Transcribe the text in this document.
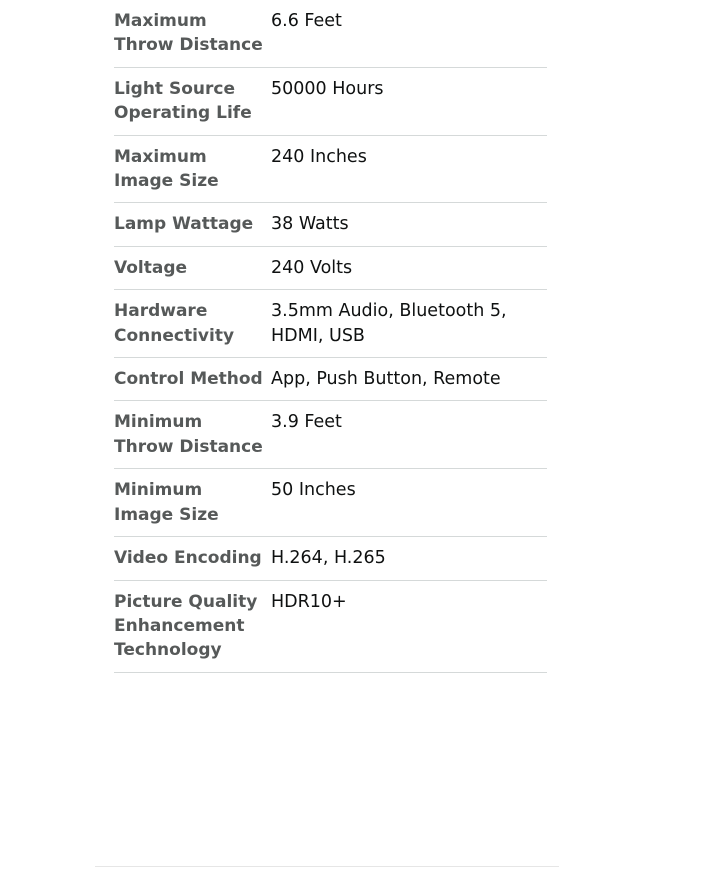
Maximum Throw Distance
6.6 Feet
Light Source Operating Life
50000 Hours
Maximum Image Size
240 Inches
Lamp Wattage	38 Watts
Voltage	240 Volts
Hardware Connectivity
3.5mm Audio, Bluetooth 5, HDMI, USB
Control Method App, Push Button, Remote
Minimum Throw Distance
3.9 Feet
Minimum Image Size
50 Inches
Video Encoding H.264, H.265
Picture Quality Enhancement Technology
HDR10+
